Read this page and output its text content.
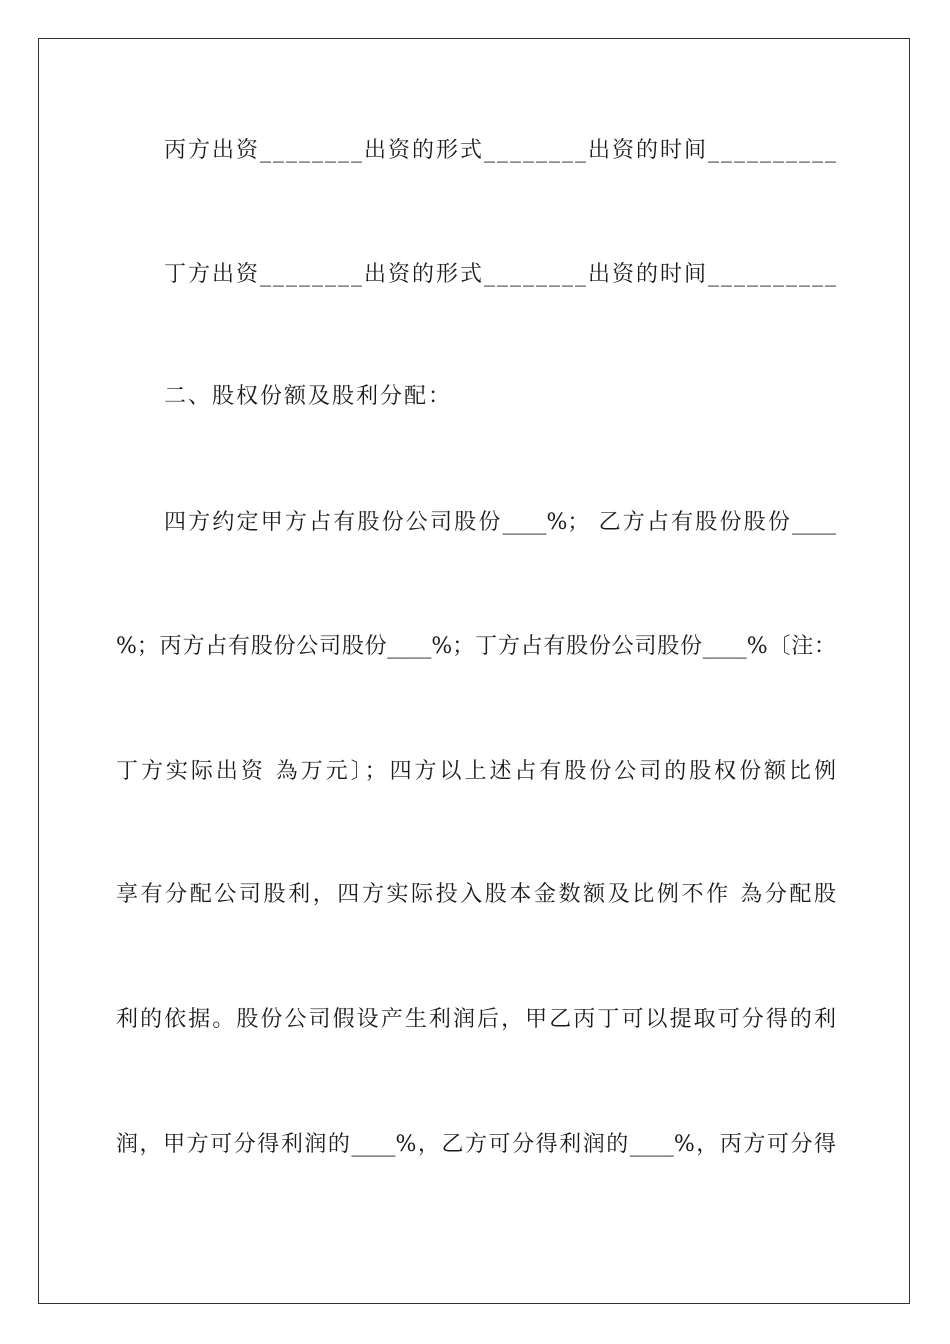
丙方出资________出资的形式________出资的时间__________
丁方出资________出资的形式________出资的时间__________
二、股权份额及股利分配：
四方约定甲方占有股份公司股份____%； 乙方占有股份股份____
%；丙方占有股份公司股份____%；丁方占有股份公司股份____%〔注：
丁方实际出资 為万元〕；四方以上述占有股份公司的股权份额比例
享有分配公司股利，四方实际投入股本金数额及比例不作 為分配股
利的依据。股份公司假设产生利润后，甲乙丙丁可以提取可分得的利
润，甲方可分得利润的____%，乙方可分得利润的____%，丙方可分得
